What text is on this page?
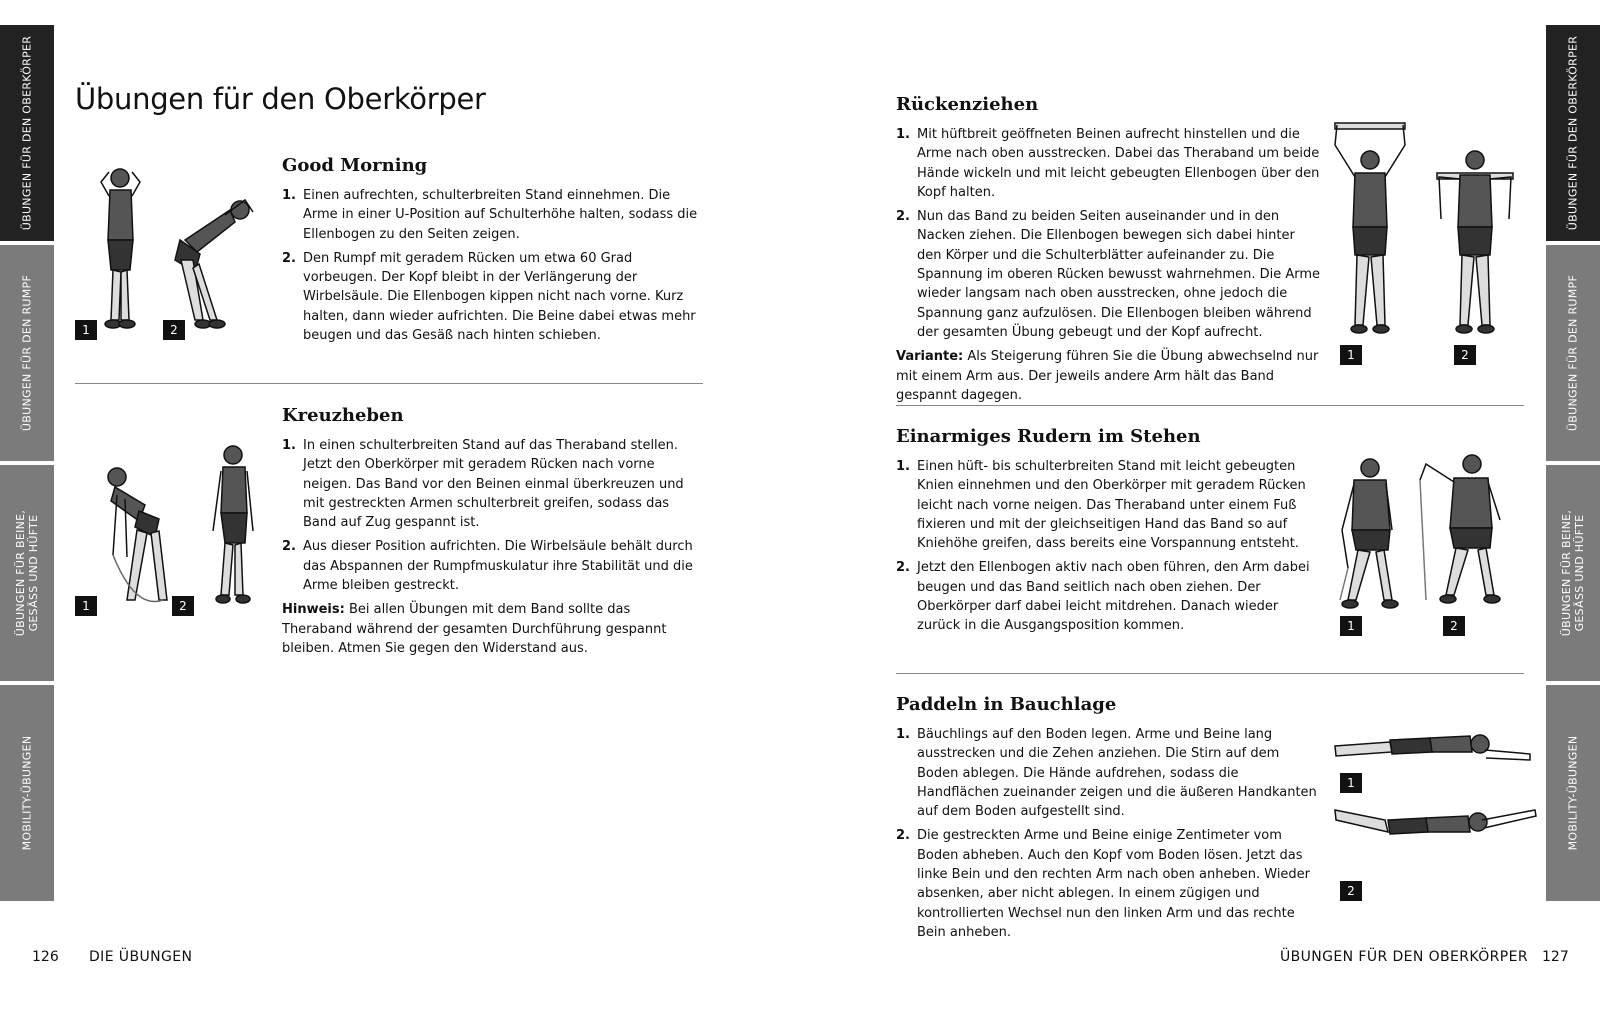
ÜBUNGEN FÜR DEN OBERKÖRPER
ÜBUNGEN FÜR DEN RUMPF
ÜBUNGEN FÜR BEINE, GESÄSS UND HÜFTE
MOBILITY-ÜBUNGEN
ÜBUNGEN FÜR DEN OBERKÖRPER
ÜBUNGEN FÜR DEN RUMPF
ÜBUNGEN FÜR BEINE, GESÄSS UND HÜFTE
MOBILITY-ÜBUNGEN
Übungen für den Oberkörper
1	2
Good Morning
1. Einen aufrechten, schulterbreiten Stand einnehmen. Die Arme in einer U-Position auf Schulterhöhe halten, sodass die Ellenbogen zu den Seiten zeigen.
2. Den Rumpf mit geradem Rücken um etwa 60 Grad vorbeugen. Der Kopf bleibt in der Verlängerung der Wirbelsäule. Die Ellenbogen kippen nicht nach vorne. Kurz halten, dann wieder aufrichten. Die Beine dabei etwas mehr beugen und das Gesäß nach hinten schieben.
1	2
Kreuzheben
1. In einen schulterbreiten Stand auf das Theraband stellen. Jetzt den Oberkörper mit geradem Rücken nach vorne neigen. Das Band vor den Beinen einmal überkreuzen und mit gestreckten Armen schulterbreit greifen, sodass das Band auf Zug gespannt ist.
2. Aus dieser Position aufrichten. Die Wirbelsäule behält durch das Abspannen der Rumpfmuskulatur ihre Stabilität und die Arme bleiben gestreckt.

Hinweis: Bei allen Übungen mit dem Band sollte das Theraband während der gesamten Durchführung gespannt bleiben. Atmen Sie gegen den Widerstand aus.

Rückenziehen
1. Mit hüftbreit geöffneten Beinen aufrecht hinstellen und die Arme nach oben ausstrecken. Dabei das Theraband um beide Hände wickeln und mit leicht gebeugten Ellenbogen über den Kopf halten.
2. Nun das Band zu beiden Seiten auseinander und in den Nacken ziehen. Die Ellenbogen bewegen sich dabei hinter den Körper und die Schulterblätter aufeinander zu. Die Spannung im oberen Rücken bewusst wahrnehmen. Die Arme wieder langsam nach oben ausstrecken, ohne jedoch die Spannung ganz aufzulösen. Die Ellenbogen bleiben während der gesamten Übung gebeugt und der Kopf aufrecht.

Variante: Als Steigerung führen Sie die Übung abwechselnd nur mit einem Arm aus. Der jeweils andere Arm hält das Band gespannt dagegen.

1	2
Einarmiges Rudern im Stehen
1. Einen hüft- bis schulterbreiten Stand mit leicht gebeugten Knien einnehmen und den Oberkörper mit geradem Rücken leicht nach vorne neigen. Das Theraband unter einem Fuß fixieren und mit der gleichseitigen Hand das Band so auf Kniehöhe greifen, dass bereits eine Vorspannung entsteht.
2. Jetzt den Ellenbogen aktiv nach oben führen, den Arm dabei beugen und das Band seitlich nach oben ziehen. Der Oberkörper darf dabei leicht mitdrehen. Danach wieder zurück in die Ausgangsposition kommen.	1	2
Paddeln in Bauchlage
1. Bäuchlings auf den Boden legen. Arme und Beine lang ausstrecken und die Zehen anziehen. Die Stirn auf dem Boden ablegen. Die Hände aufdrehen, sodass die Handflächen zueinander zeigen und die äußeren Handkanten auf dem Boden aufgestellt sind.
2. Die gestreckten Arme und Beine einige Zentimeter vom Boden abheben. Auch den Kopf vom Boden lösen. Jetzt das linke Bein und den rechten Arm nach oben anheben. Wieder absenken, aber nicht ablegen. In einem zügigen und kontrollierten Wechsel nun den linken Arm und das rechte Bein anheben.
1
2
126 DIE ÜBUNGEN	ÜBUNGEN FÜR DEN OBERKÖRPER 127
